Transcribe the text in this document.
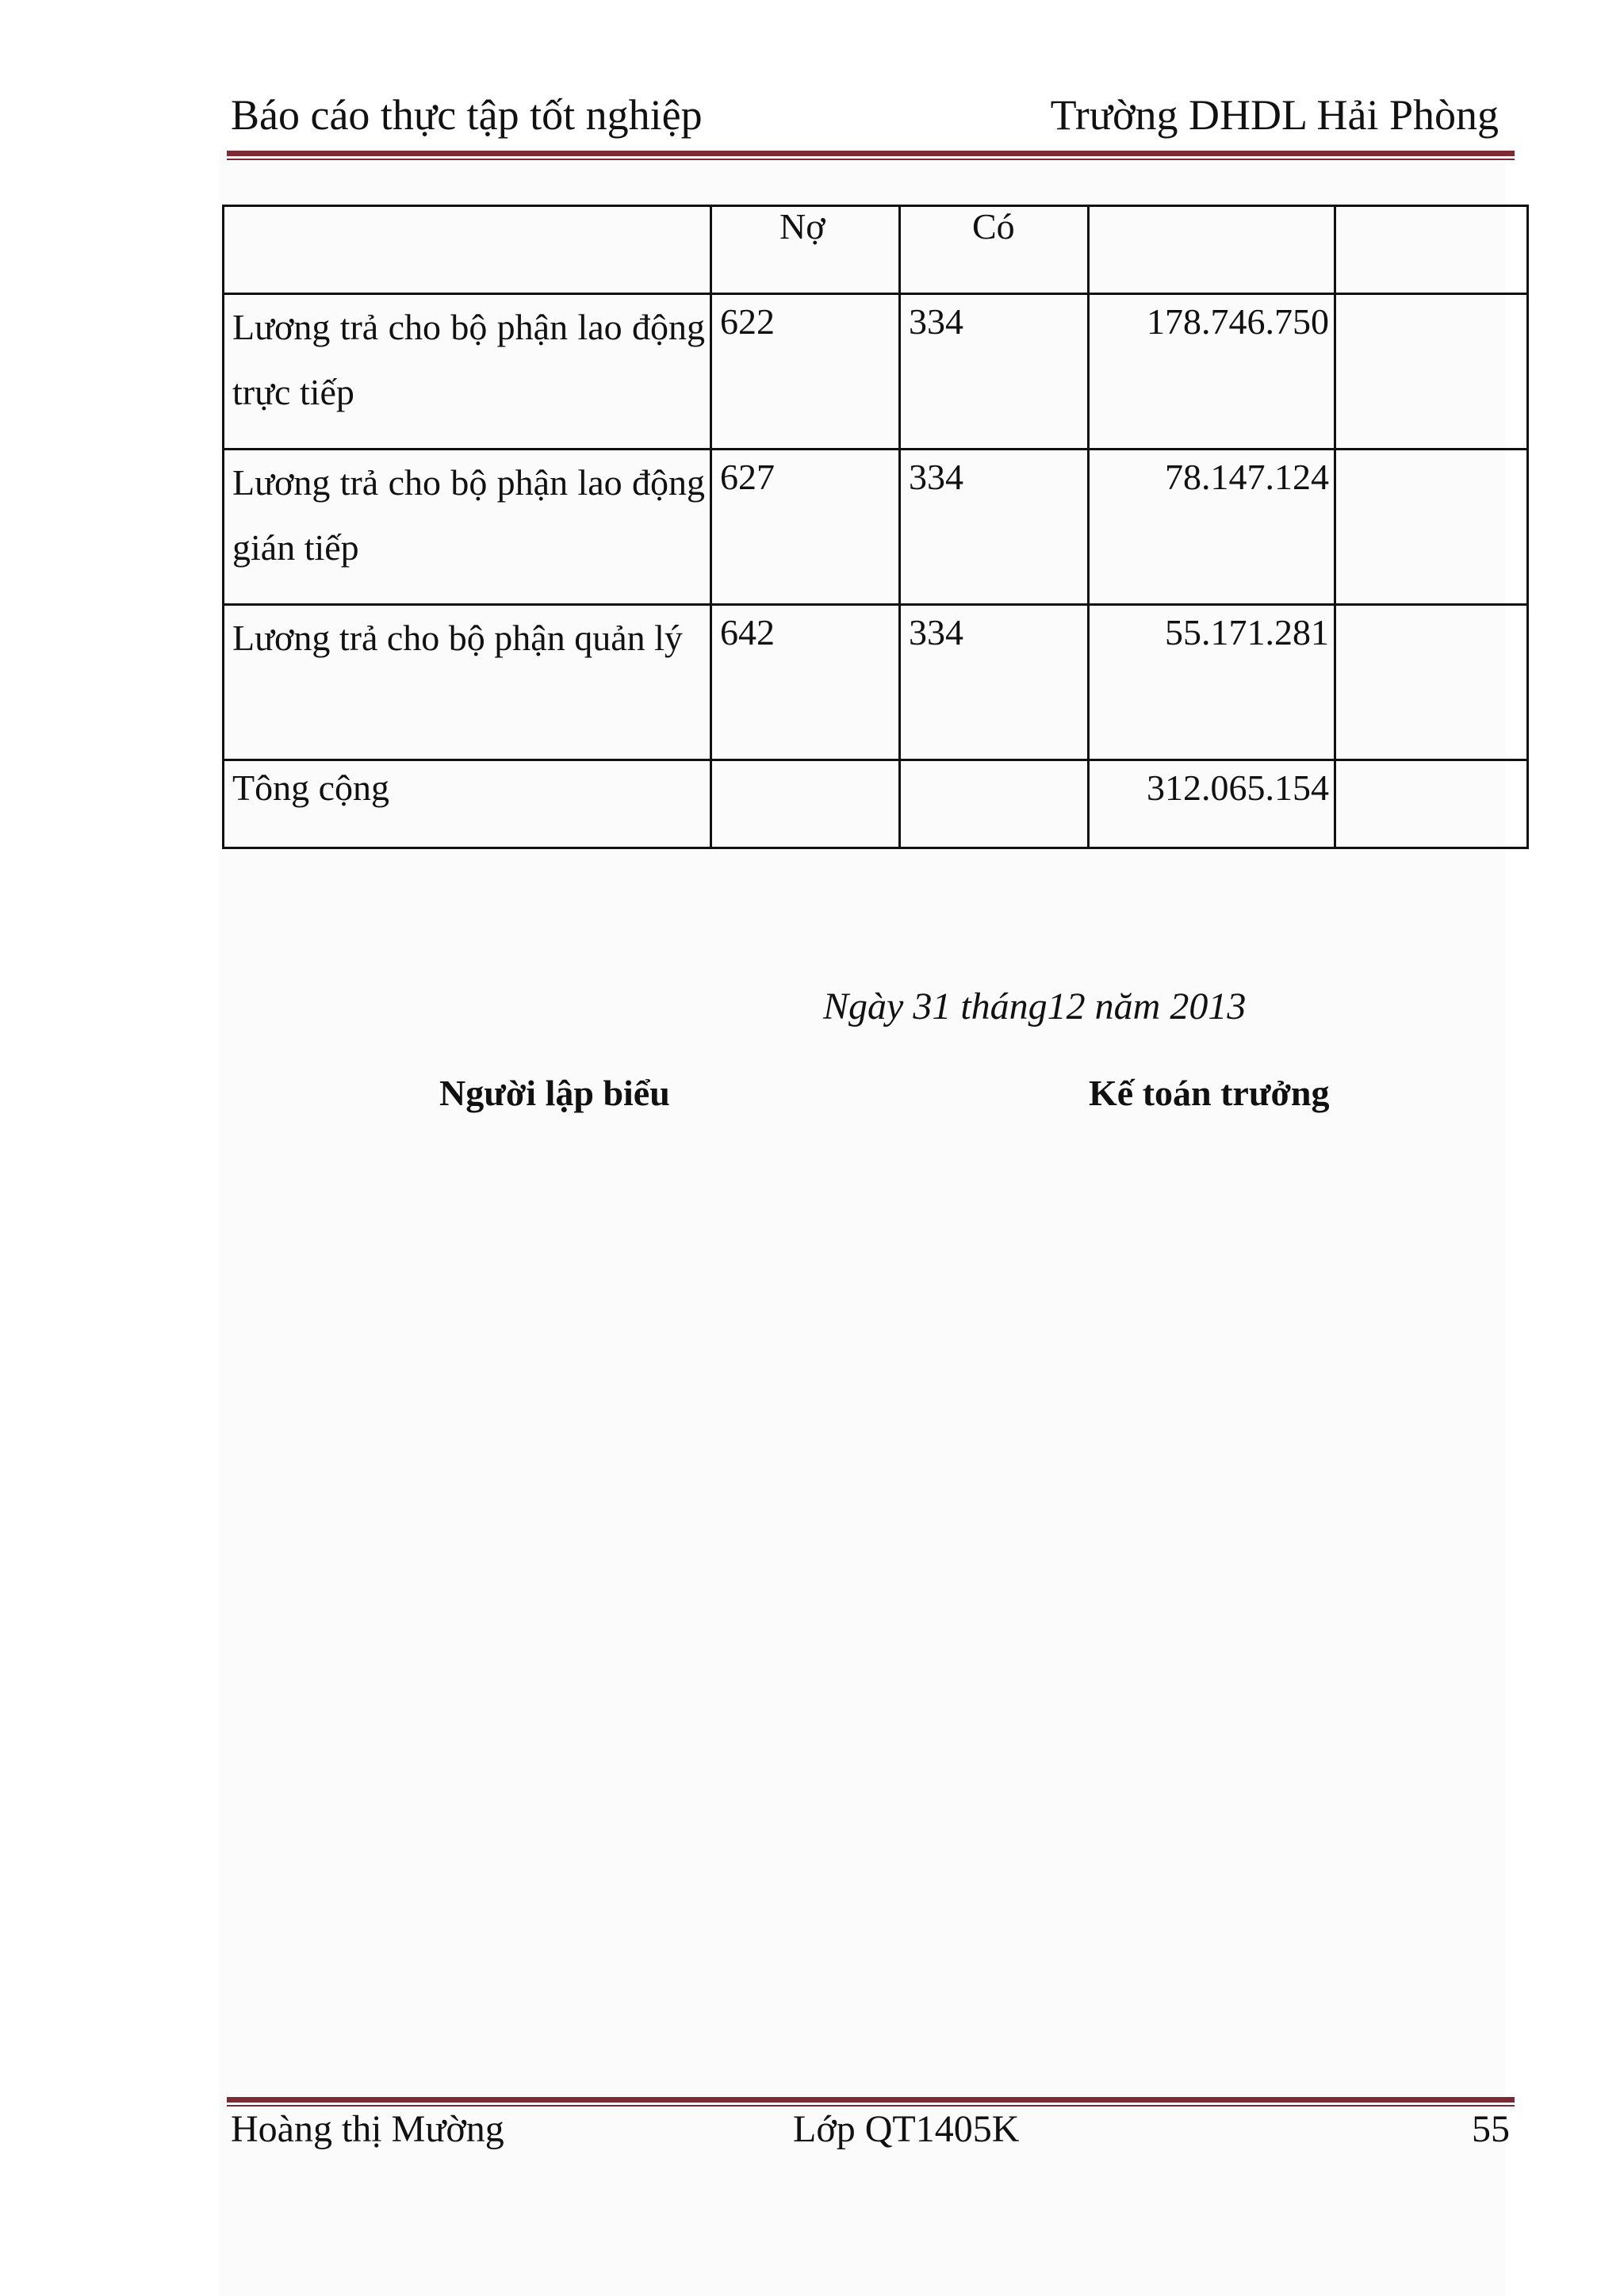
Báo cáo thực tập tốt nghiệp	Trường DHDL Hải Phòng

	Nợ	Có		

Lương trả cho bộ phận lao động trực tiếp	622	334	178.746.750	
Lương trả cho bộ phận lao động gián tiếp	627	334	78.147.124	
Lương trả cho bộ phận quản lý	642	334	55.171.281	
Tông cộng			312.065.154	
Ngày 31 tháng12 năm 2013
Người lập biểu	Kế toán trưởng
Hoàng thị Mường	Lớp QT1405K	55
